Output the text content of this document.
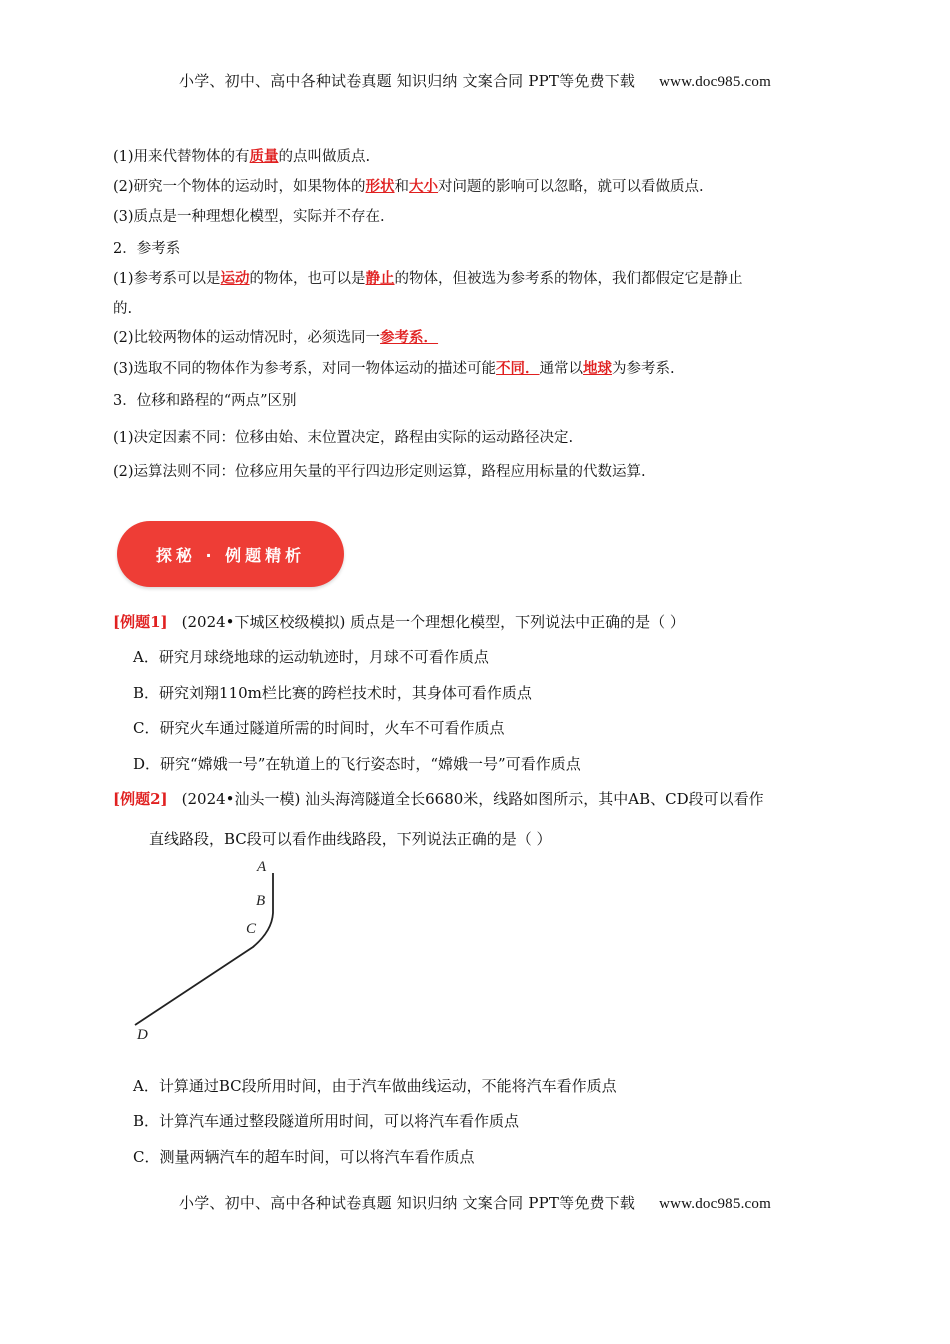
小学、初中、高中各种试卷真题 知识归纳 文案合同 PPT等免费下载 www.doc985.com
(1)用来代替物体的有质量的点叫做质点.
(2)研究一个物体的运动时，如果物体的形状和大小对问题的影响可以忽略，就可以看做质点.
(3)质点是一种理想化模型，实际并不存在.
2．参考系
(1)参考系可以是运动的物体，也可以是静止的物体，但被选为参考系的物体，我们都假定它是静止
的.
(2)比较两物体的运动情况时，必须选同一参考系．
(3)选取不同的物体作为参考系，对同一物体运动的描述可能不同．通常以地球为参考系.
3．位移和路程的“两点”区别
(1)决定因素不同：位移由始、末位置决定，路程由实际的运动路径决定.
(2)运算法则不同：位移应用矢量的平行四边形定则运算，路程应用标量的代数运算.
探秘 · 例题精析
[例题1] (2024•下城区校级模拟) 质点是一个理想化模型，下列说法中正确的是（ ）
A．研究月球绕地球的运动轨迹时，月球不可看作质点
B．研究刘翔110m栏比赛的跨栏技术时，其身体可看作质点
C．研究火车通过隧道所需的时间时，火车不可看作质点
D．研究“嫦娥一号”在轨道上的飞行姿态时，“嫦娥一号”可看作质点
[例题2] (2024•汕头一模) 汕头海湾隧道全长6680米，线路如图所示，其中AB、CD段可以看作
直线路段，BC段可以看作曲线路段，下列说法正确的是（ ）
A
B
C
D
A．计算通过BC段所用时间，由于汽车做曲线运动，不能将汽车看作质点
B．计算汽车通过整段隧道所用时间，可以将汽车看作质点
C．测量两辆汽车的超车时间，可以将汽车看作质点
小学、初中、高中各种试卷真题 知识归纳 文案合同 PPT等免费下载 www.doc985.com
